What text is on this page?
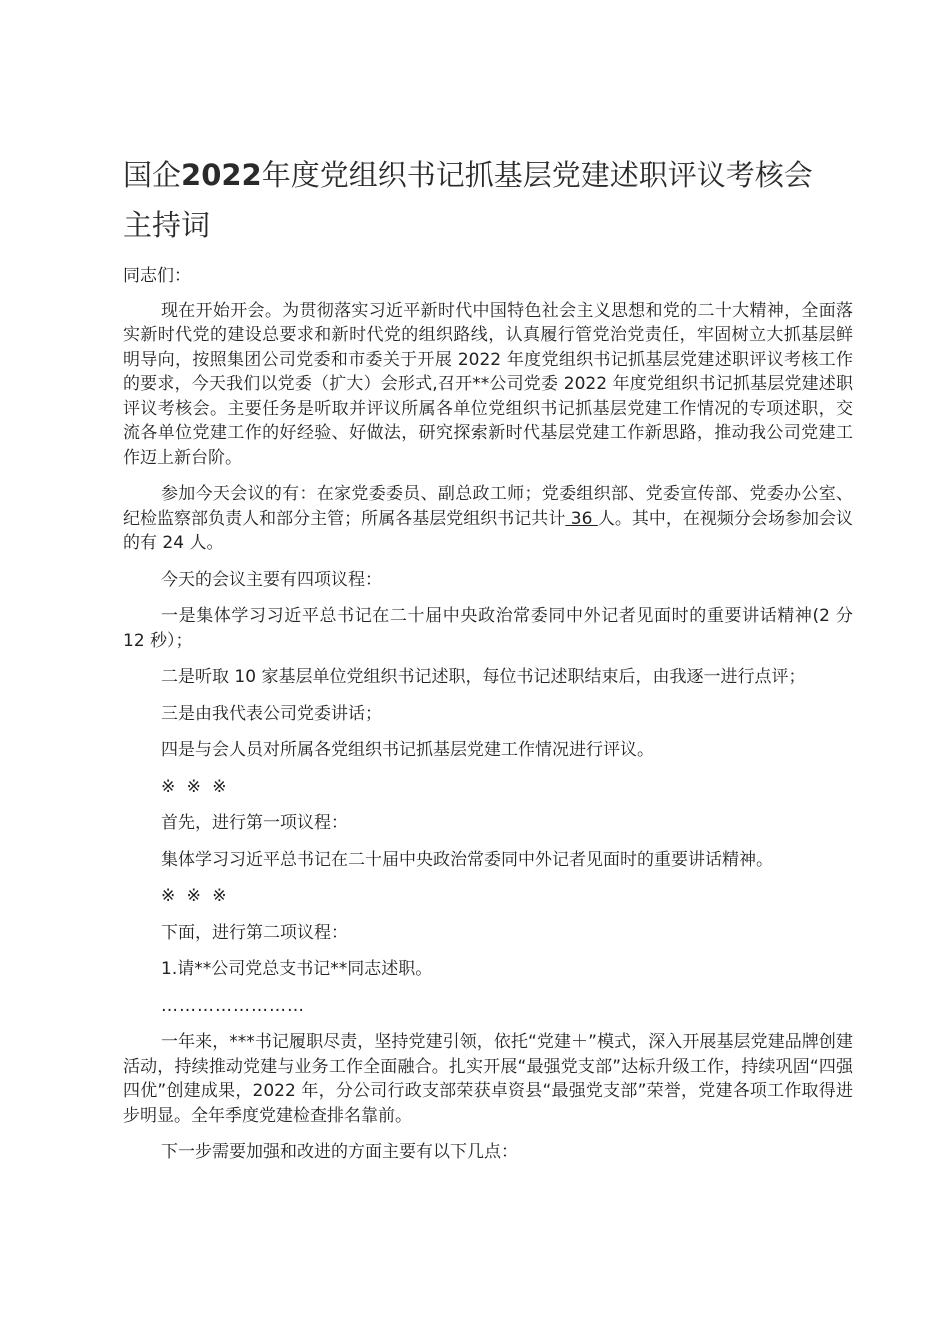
国企2022年度党组织书记抓基层党建述职评议考核会
主持词

同志们：

现在开始开会。为贯彻落实习近平新时代中国特色社会主义思想和党的二十大精神，全面落实新时代党的建设总要求和新时代党的组织路线，认真履行管党治党责任，牢固树立大抓基层鲜明导向，按照集团公司党委和市委关于开展 2022 年度党组织书记抓基层党建述职评议考核工作的要求，今天我们以党委（扩大）会形式,召开**公司党委 2022 年度党组织书记抓基层党建述职评议考核会。主要任务是听取并评议所属各单位党组织书记抓基层党建工作情况的专项述职，交流各单位党建工作的好经验、好做法，研究探索新时代基层党建工作新思路，推动我公司党建工作迈上新台阶。

参加今天会议的有：在家党委委员、副总政工师；党委组织部、党委宣传部、党委办公室、纪检监察部负责人和部分主管；所属各基层党组织书记共计 36 人。其中，在视频分会场参加会议的有 24 人。

今天的会议主要有四项议程：

一是集体学习习近平总书记在二十届中央政治常委同中外记者见面时的重要讲话精神(2 分 12 秒）；

二是听取 10 家基层单位党组织书记述职，每位书记述职结束后，由我逐一进行点评；

三是由我代表公司党委讲话；

四是与会人员对所属各党组织书记抓基层党建工作情况进行评议。

※ ※ ※

首先，进行第一项议程：

集体学习习近平总书记在二十届中央政治常委同中外记者见面时的重要讲话精神。

※ ※ ※

下面，进行第二项议程：

1.请**公司党总支书记**同志述职。

……………………

一年来，***书记履职尽责，坚持党建引领，依托“党建＋”模式，深入开展基层党建品牌创建活动，持续推动党建与业务工作全面融合。扎实开展“最强党支部”达标升级工作，持续巩固“四强四优”创建成果，2022 年，分公司行政支部荣获卓资县“最强党支部”荣誉，党建各项工作取得进步明显。全年季度党建检查排名靠前。

下一步需要加强和改进的方面主要有以下几点：
